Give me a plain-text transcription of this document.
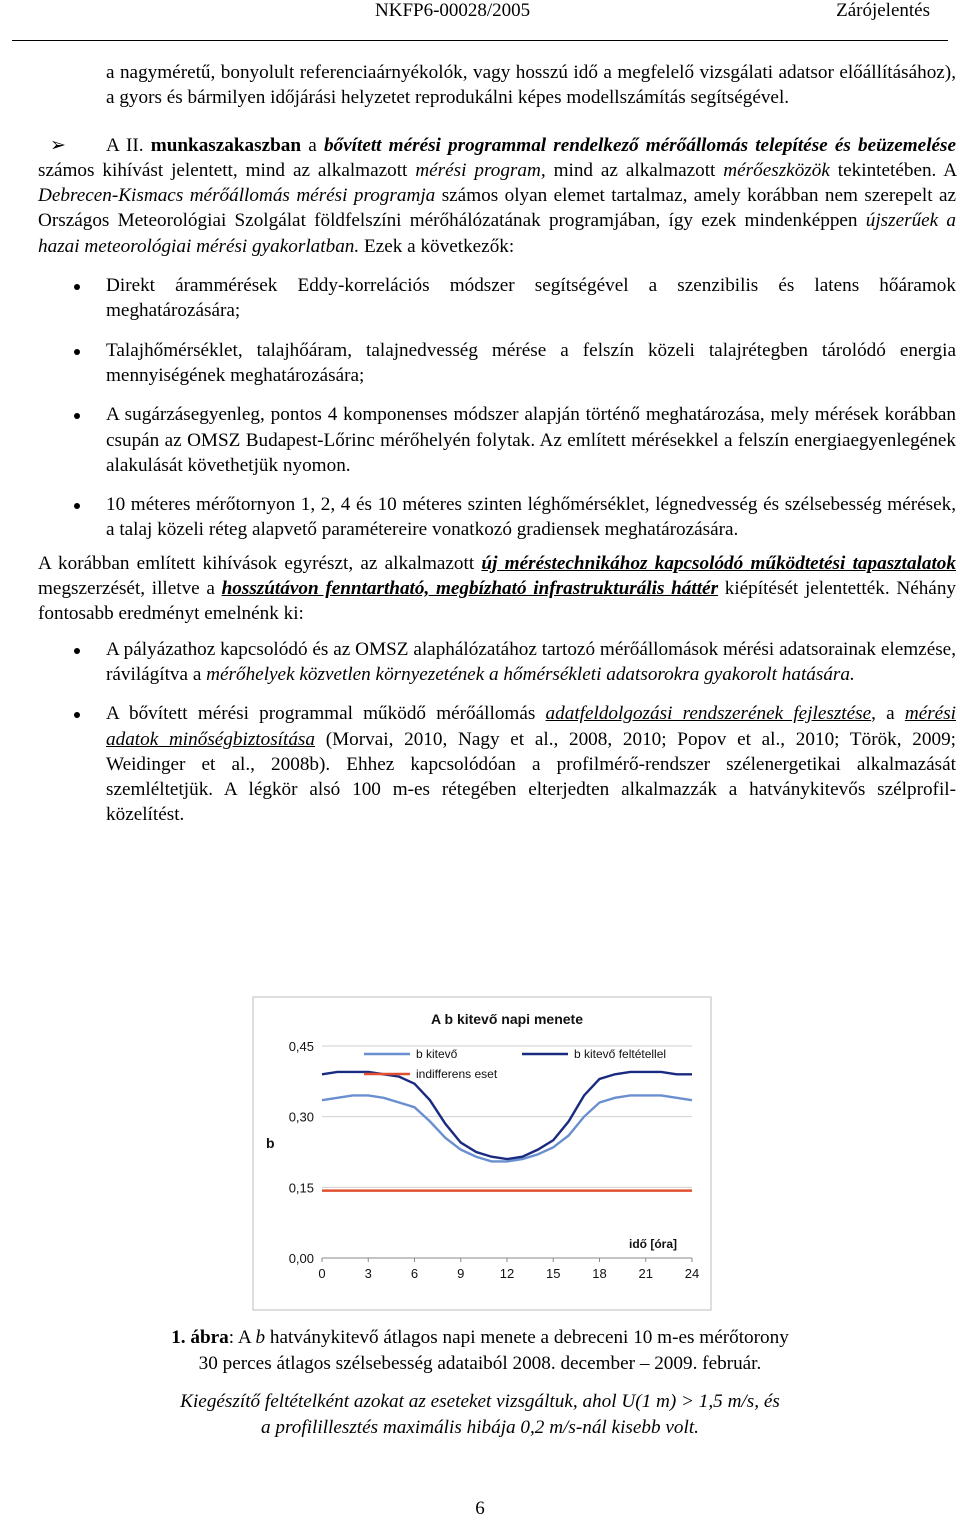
NKFP6-00028/2005	Zárójelentés

a nagyméretű, bonyolult referenciaárnyékolók, vagy hosszú idő a megfelelő vizsgálati adatsor előállításához), a gyors és bármilyen időjárási helyzetet reprodukálni képes modellszámítás segítségével.

➢	A II. munkaszakaszban a bővített mérési programmal rendelkező mérőállomás telepítése és beüzemelése számos kihívást jelentett, mind az alkalmazott mérési program, mind az alkalmazott mérőeszközök tekintetében. A Debrecen-Kismacs mérőállomás mérési programja számos olyan elemet tartalmaz, amely korábban nem szerepelt az Országos Meteorológiai Szolgálat földfelszíni mérőhálózatának programjában, így ezek mindenképpen újszerűek a hazai meteorológiai mérési gyakorlatban. Ezek a következők:

Direkt árammérések Eddy-korrelációs módszer segítségével a szenzibilis és latens hőáramok meghatározására;

Talajhőmérséklet, talajhőáram, talajnedvesség mérése a felszín közeli talajrétegben tárolódó energia mennyiségének meghatározására;

A sugárzásegyenleg, pontos 4 komponenses módszer alapján történő meghatározása, mely mérések korábban csupán az OMSZ Budapest-Lőrinc mérőhelyén folytak. Az említett mérésekkel a felszín energiaegyenlegének alakulását követhetjük nyomon.

10 méteres mérőtornyon 1, 2, 4 és 10 méteres szinten léghőmérséklet, légnedvesség és szélsebesség mérések, a talaj közeli réteg alapvető paramétereire vonatkozó gradiensek meghatározására.

A korábban említett kihívások egyrészt, az alkalmazott új méréstechnikához kapcsolódó működtetési tapasztalatok megszerzését, illetve a hosszútávon fenntartható, megbízható infrastrukturális háttér kiépítését jelentették. Néhány fontosabb eredményt emelnénk ki:

A pályázathoz kapcsolódó és az OMSZ alaphálózatához tartozó mérőállomások mérési adatsorainak elemzése, rávilágítva a mérőhelyek közvetlen környezetének a hőmérsékleti adatsorokra gyakorolt hatására.

A bővített mérési programmal működő mérőállomás adatfeldolgozási rendszerének fejlesztése, a mérési adatok minőségbiztosítása (Morvai, 2010, Nagy et al., 2008, 2010; Popov et al., 2010; Török, 2009; Weidinger et al., 2008b). Ehhez kapcsolódóan a profilmérő-rendszer szélenergetikai alkalmazását szemléltetjük. A légkör alsó 100 m-es rétegében elterjedten alkalmazzák a hatványkitevős szélprofil-közelítést.

A b kitevő napi menete
b
idő [óra]
0,00
0,15
0,30
0,45
0	3	6	9	12 15 18 21 24
b kitevő	b kitevő feltétellel
indifferens eset
1. ábra: A b hatványkitevő átlagos napi menete a debreceni 10 m-es mérőtorony
30 perces átlagos szélsebesség adataiból 2008. december – 2009. február.
Kiegészítő feltételként azokat az eseteket vizsgáltuk, ahol U(1 m) > 1,5 m/s, és
a profilillesztés maximális hibája 0,2 m/s-nál kisebb volt.
6
